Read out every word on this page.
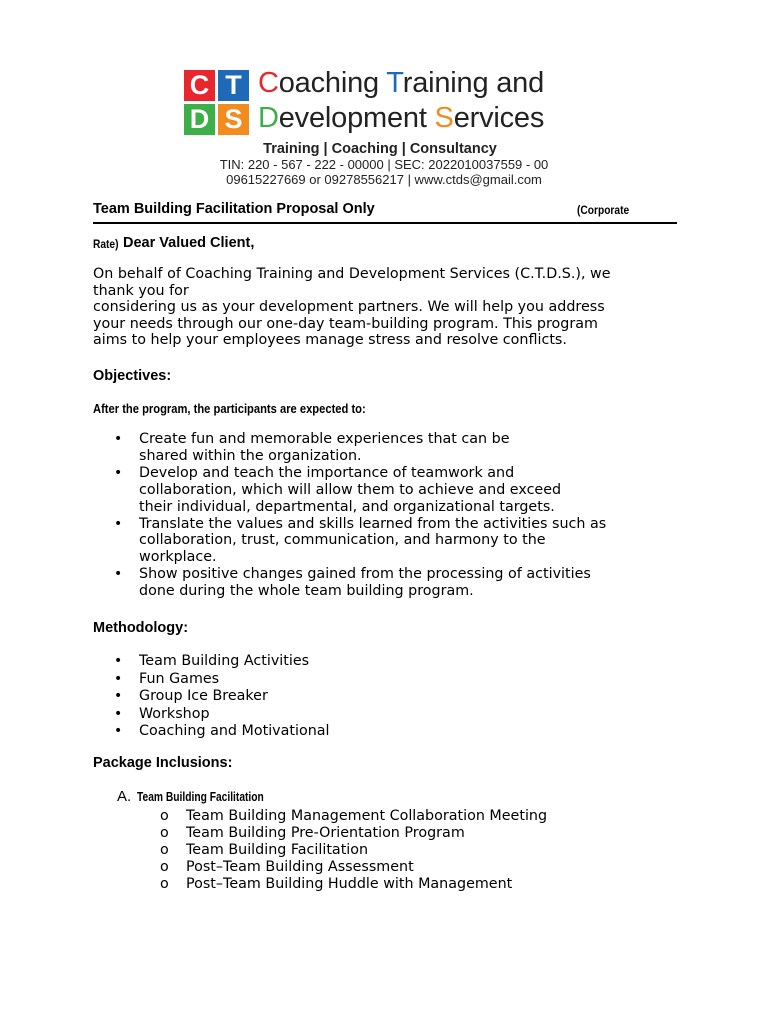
C T
D S
Coaching Training and
Development Services
Training | Coaching | Consultancy
TIN: 220 - 567 - 222 - 00000 | SEC: 2022010037559 - 00
09615227669 or 09278556217 | www.ctds@gmail.com
Team Building Facilitation Proposal Only	(Corporate
Rate) Dear Valued Client,
On behalf of Coaching Training and Development Services (C.T.D.S.), we
thank you for
considering us as your development partners. We will help you address
your needs through our one-day team-building program. This program
aims to help your employees manage stress and resolve conflicts.
Objectives:
After the program, the participants are expected to:
• Create fun and memorable experiences that can be
shared within the organization.
• Develop and teach the importance of teamwork and
collaboration, which will allow them to achieve and exceed
their individual, departmental, and organizational targets.
• Translate the values and skills learned from the activities such as
collaboration, trust, communication, and harmony to the
workplace.
• Show positive changes gained from the processing of activities
done during the whole team building program.
Methodology:
• Team Building Activities
• Fun Games
• Group Ice Breaker
• Workshop
• Coaching and Motivational
Package Inclusions:
A. Team Building Facilitation
o Team Building Management Collaboration Meeting
o Team Building Pre-Orientation Program
o Team Building Facilitation
o Post–Team Building Assessment
o Post–Team Building Huddle with Management
